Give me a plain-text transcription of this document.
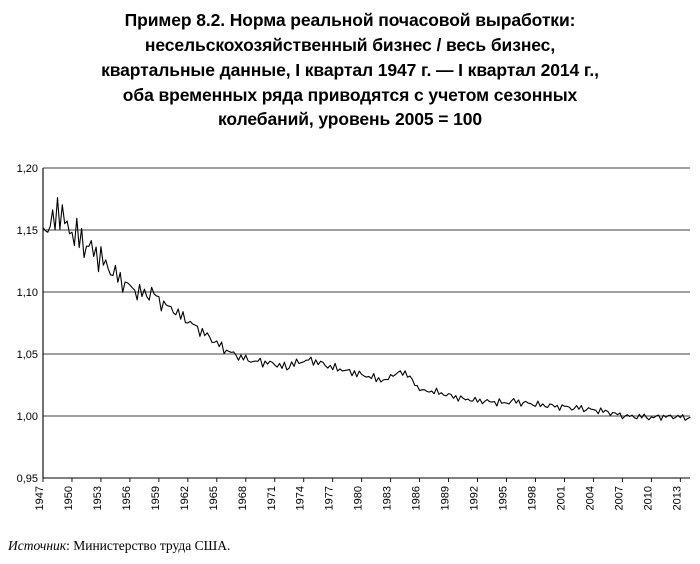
Пример 8.2. Норма реальной почасовой выработки:
несельскохозяйственный бизнес / весь бизнес,
квартальные данные, I квартал 1947 г. — I квартал 2014 г.,
оба временных ряда приводятся с учетом сезонных
колебаний, уровень 2005 = 100
0,95
1,00
1,05
1,10
1,15
1,20
1947 1950 1953 1956 1959 1962 1965 1968 1971 1974 1977 1980 1983 1986 1989 1992 1995 1998 2001 2004 2007 2010 2013
Источник: Министерство труда США.
